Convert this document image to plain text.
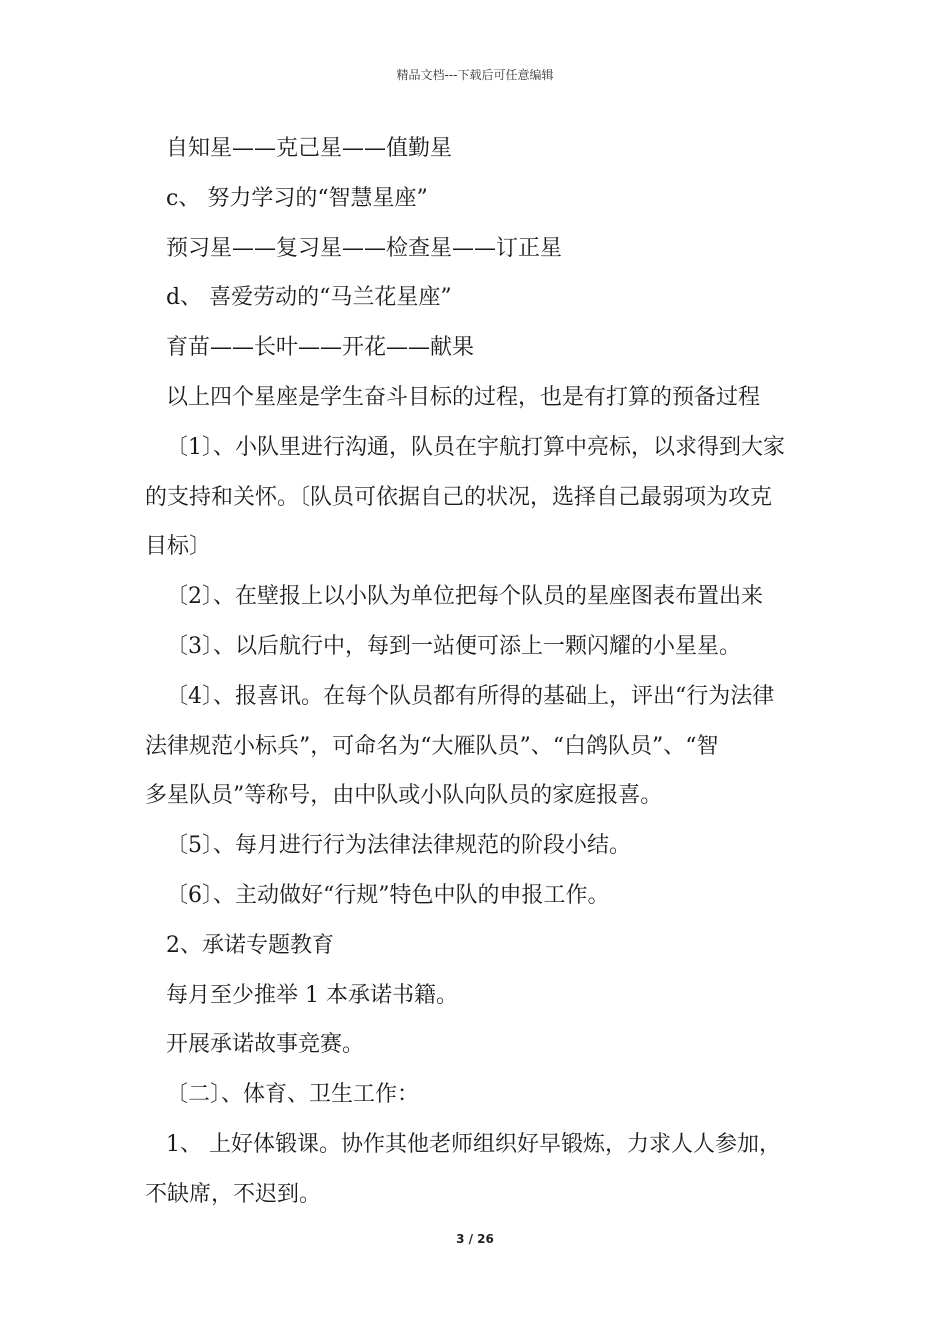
精品文档---下载后可任意编辑

自知星——克己星——值勤星

c、 努力学习的“智慧星座”

预习星——复习星——检查星——订正星

d、 喜爱劳动的“马兰花星座”

育苗——长叶——开花——献果

以上四个星座是学生奋斗目标的过程，也是有打算的预备过程

〔1〕、小队里进行沟通，队员在宇航打算中亮标，以求得到大家

的支持和关怀。〔队员可依据自己的状况，选择自己最弱项为攻克

目标〕

〔2〕、在壁报上以小队为单位把每个队员的星座图表布置出来

〔3〕、以后航行中，每到一站便可添上一颗闪耀的小星星。

〔4〕、报喜讯。在每个队员都有所得的基础上，评出“行为法律

法律规范小标兵”，可命名为“大雁队员”、“白鸽队员”、“智

多星队员”等称号，由中队或小队向队员的家庭报喜。

〔5〕、每月进行行为法律法律规范的阶段小结。

〔6〕、主动做好“行规”特色中队的申报工作。

2、承诺专题教育

每月至少推举 1 本承诺书籍。

开展承诺故事竞赛。

〔二〕、体育、卫生工作：

1、 上好体锻课。协作其他老师组织好早锻炼，力求人人参加，

不缺席，不迟到。

3 / 26
